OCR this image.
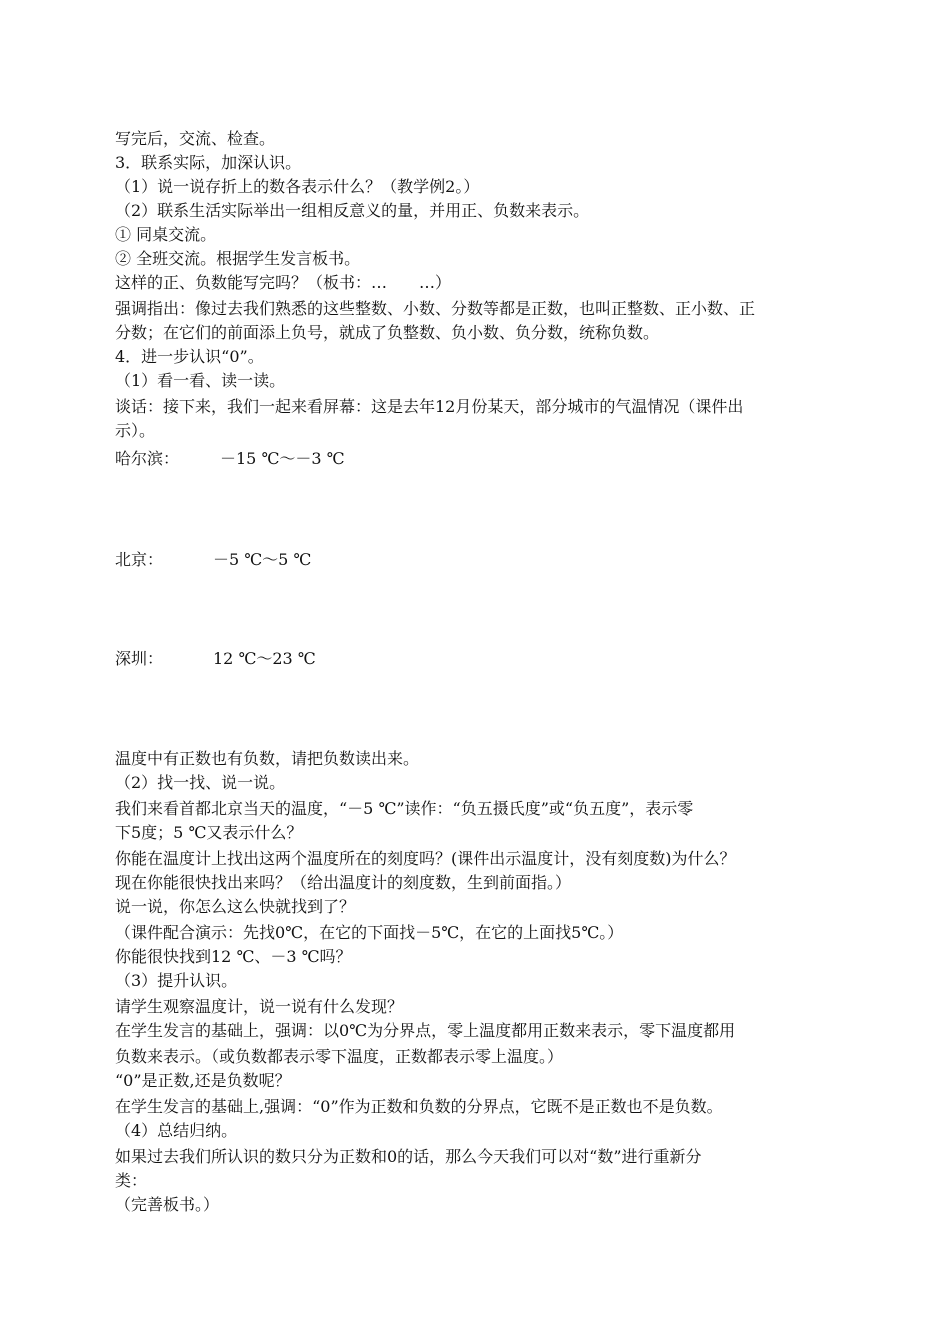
写完后，交流、检查。
3．联系实际，加深认识。
（1）说一说存折上的数各表示什么？（教学例2。）
（2）联系生活实际举出一组相反意义的量，并用正、负数来表示。
① 同桌交流。
② 全班交流。根据学生发言板书。
这样的正、负数能写完吗？（板书：…　　…）
强调指出：像过去我们熟悉的这些整数、小数、分数等都是正数，也叫正整数、正小数、正
分数；在它们的前面添上负号，就成了负整数、负小数、负分数，统称负数。
4．进一步认识“0”。
（1）看一看、读一读。
谈话：接下来，我们一起来看屏幕：这是去年12月份某天，部分城市的气温情况（课件出
示）。
哈尔滨：	－15 ℃～－3 ℃
北京：	－5 ℃～5 ℃
深圳：	12 ℃～23 ℃
温度中有正数也有负数，请把负数读出来。
（2）找一找、说一说。
我们来看首都北京当天的温度，“－5 ℃”读作：“负五摄氏度”或“负五度”，表示零
下5度；5 ℃又表示什么？
你能在温度计上找出这两个温度所在的刻度吗？(课件出示温度计，没有刻度数)为什么？
现在你能很快找出来吗？（给出温度计的刻度数，生到前面指。）
说一说，你怎么这么快就找到了？
（课件配合演示：先找0℃，在它的下面找－5℃，在它的上面找5℃。）
你能很快找到12 ℃、－3 ℃吗？
（3）提升认识。
请学生观察温度计，说一说有什么发现？
在学生发言的基础上，强调：以0℃为分界点，零上温度都用正数来表示，零下温度都用
负数来表示。（或负数都表示零下温度，正数都表示零上温度。）
“0”是正数,还是负数呢？
在学生发言的基础上,强调：“0”作为正数和负数的分界点，它既不是正数也不是负数。
（4）总结归纳。
如果过去我们所认识的数只分为正数和0的话，那么今天我们可以对“数”进行重新分
类：
（完善板书。）
